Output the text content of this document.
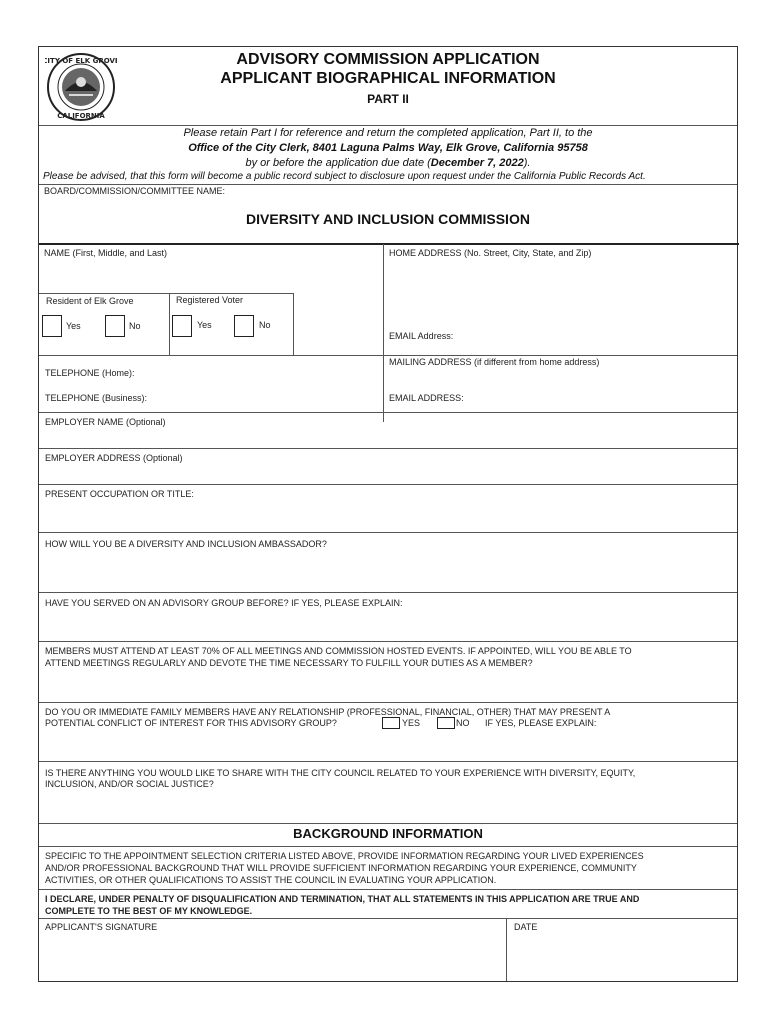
CITY OF ELK GROVE
CALIFORNIA
ADVISORY COMMISSION APPLICATION
APPLICANT BIOGRAPHICAL INFORMATION
PART II
Please retain Part I for reference and return the completed application, Part II, to the
Office of the City Clerk, 8401 Laguna Palms Way, Elk Grove, California 95758
by or before the application due date (December 7, 2022).
Please be advised, that this form will become a public record subject to disclosure upon request under the California Public Records Act.
BOARD/COMMISSION/COMMITTEE NAME:
DIVERSITY AND INCLUSION COMMISSION
NAME (First, Middle, and Last)	HOME ADDRESS (No. Street, City, State, and Zip)
Resident of Elk Grove	Registered Voter
Yes	No	Yes	No
EMAIL Address:
MAILING ADDRESS (if different from home address)
TELEPHONE (Home):
TELEPHONE (Business):	EMAIL ADDRESS:
EMPLOYER NAME (Optional)
EMPLOYER ADDRESS (Optional)
PRESENT OCCUPATION OR TITLE:
HOW WILL YOU BE A DIVERSITY AND INCLUSION AMBASSADOR?
HAVE YOU SERVED ON AN ADVISORY GROUP BEFORE? IF YES, PLEASE EXPLAIN:
MEMBERS MUST ATTEND AT LEAST 70% OF ALL MEETINGS AND COMMISSION HOSTED EVENTS. IF APPOINTED, WILL YOU BE ABLE TO
ATTEND MEETINGS REGULARLY AND DEVOTE THE TIME NECESSARY TO FULFILL YOUR DUTIES AS A MEMBER?
DO YOU OR IMMEDIATE FAMILY MEMBERS HAVE ANY RELATIONSHIP (PROFESSIONAL, FINANCIAL, OTHER) THAT MAY PRESENT A
POTENTIAL CONFLICT OF INTEREST FOR THIS ADVISORY GROUP?	YES	NO IF YES, PLEASE EXPLAIN:
IS THERE ANYTHING YOU WOULD LIKE TO SHARE WITH THE CITY COUNCIL RELATED TO YOUR EXPERIENCE WITH DIVERSITY, EQUITY,
INCLUSION, AND/OR SOCIAL JUSTICE?
BACKGROUND INFORMATION
SPECIFIC TO THE APPOINTMENT SELECTION CRITERIA LISTED ABOVE, PROVIDE INFORMATION REGARDING YOUR LIVED EXPERIENCES
AND/OR PROFESSIONAL BACKGROUND THAT WILL PROVIDE SUFFICIENT INFORMATION REGARDING YOUR EXPERIENCE, COMMUNITY
ACTIVITIES, OR OTHER QUALIFICATIONS TO ASSIST THE COUNCIL IN EVALUATING YOUR APPLICATION.
I DECLARE, UNDER PENALTY OF DISQUALIFICATION AND TERMINATION, THAT ALL STATEMENTS IN THIS APPLICATION ARE TRUE AND
COMPLETE TO THE BEST OF MY KNOWLEDGE.
APPLICANT'S SIGNATURE	DATE
